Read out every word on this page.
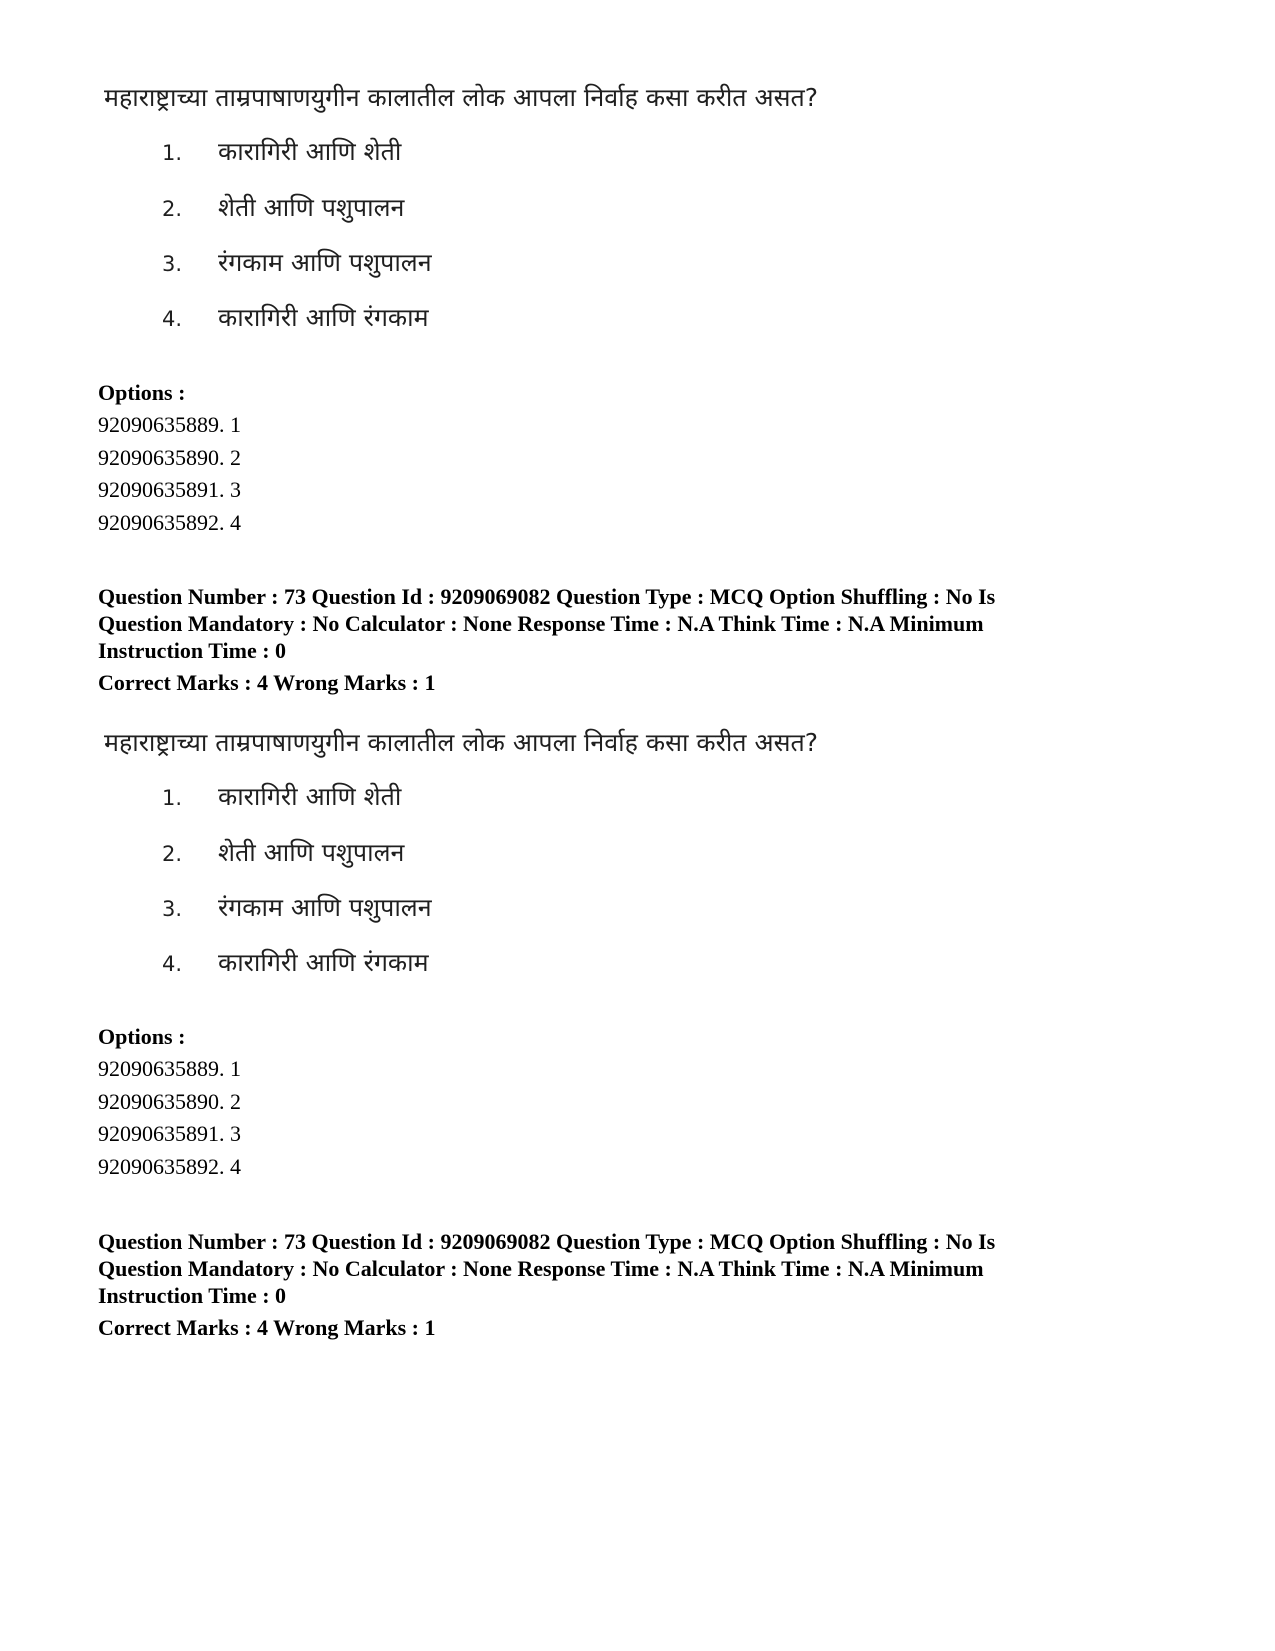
महाराष्ट्राच्या ताम्रपाषाणयुगीन कालातील लोक आपला निर्वाह कसा करीत असत?
1. कारागिरी आणि शेती
2. शेती आणि पशुपालन
3. रंगकाम आणि पशुपालन
4. कारागिरी आणि रंगकाम
Options :
92090635889. 1
92090635890. 2
92090635891. 3
92090635892. 4
Question Number : 73 Question Id : 9209069082 Question Type : MCQ Option Shuffling : No Is
Question Mandatory : No Calculator : None Response Time : N.A Think Time : N.A Minimum
Instruction Time : 0
Correct Marks : 4 Wrong Marks : 1
महाराष्ट्राच्या ताम्रपाषाणयुगीन कालातील लोक आपला निर्वाह कसा करीत असत?
1. कारागिरी आणि शेती
2. शेती आणि पशुपालन
3. रंगकाम आणि पशुपालन
4. कारागिरी आणि रंगकाम
Options :
92090635889. 1
92090635890. 2
92090635891. 3
92090635892. 4
Question Number : 73 Question Id : 9209069082 Question Type : MCQ Option Shuffling : No Is
Question Mandatory : No Calculator : None Response Time : N.A Think Time : N.A Minimum
Instruction Time : 0
Correct Marks : 4 Wrong Marks : 1
